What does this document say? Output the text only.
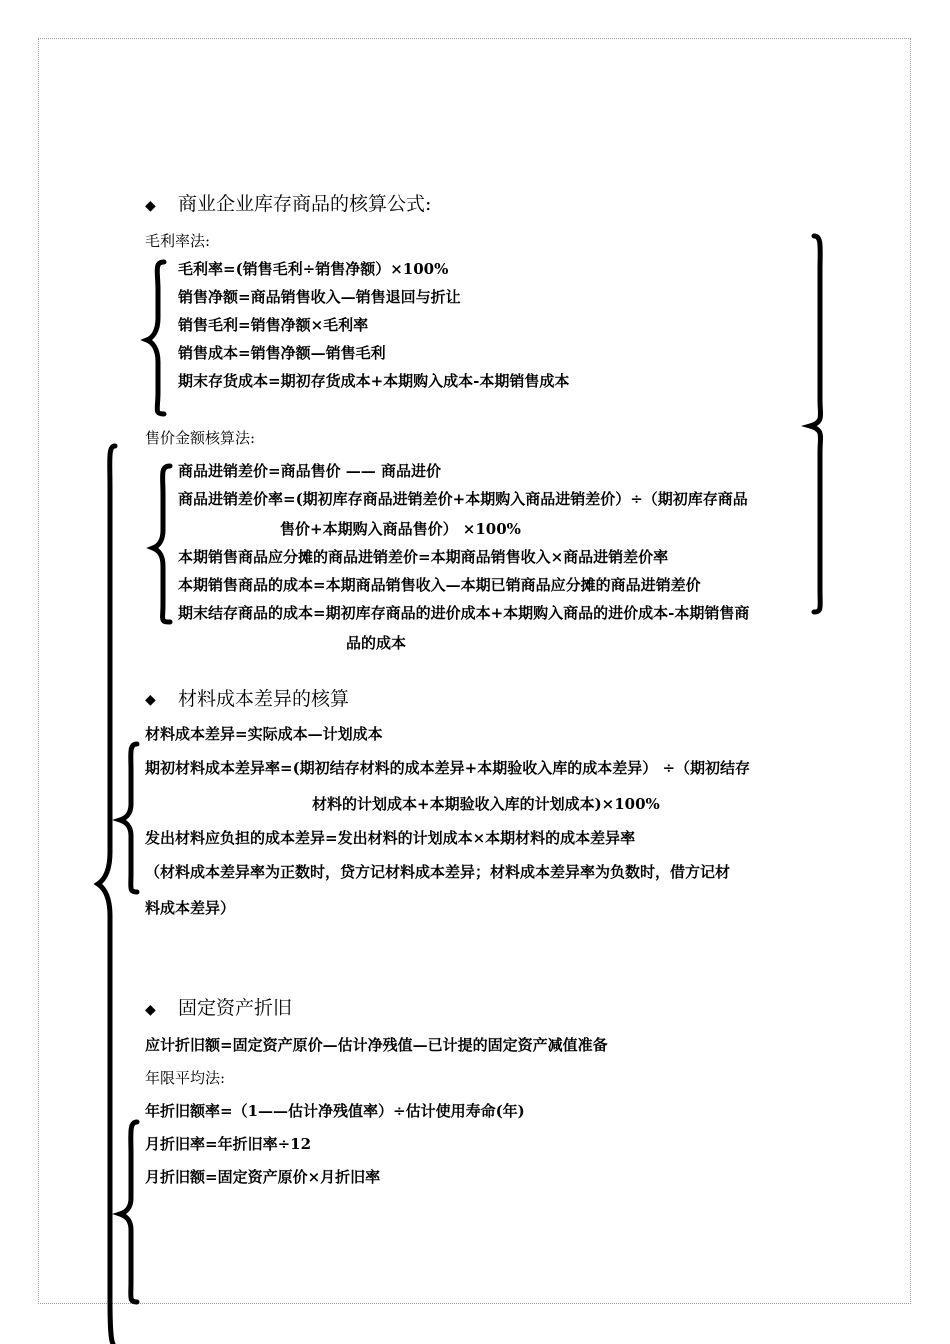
◆ 商业企业库存商品的核算公式:
毛利率法:
毛利率=(销售毛利÷销售净额）×100%
销售净额=商品销售收入—销售退回与折让
销售毛利=销售净额×毛利率
销售成本=销售净额—销售毛利
期末存货成本=期初存货成本+本期购入成本-本期销售成本
售价金额核算法:
商品进销差价=商品售价 —— 商品进价
商品进销差价率=(期初库存商品进销差价+本期购入商品进销差价）÷（期初库存商品
售价+本期购入商品售价） ×100%
本期销售商品应分摊的商品进销差价=本期商品销售收入×商品进销差价率
本期销售商品的成本=本期商品销售收入—本期已销商品应分摊的商品进销差价
期末结存商品的成本=期初库存商品的进价成本+本期购入商品的进价成本-本期销售商
品的成本
◆ 材料成本差异的核算
材料成本差异=实际成本—计划成本
期初材料成本差异率=(期初结存材料的成本差异+本期验收入库的成本差异） ÷（期初结存
材料的计划成本+本期验收入库的计划成本)×100%
发出材料应负担的成本差异=发出材料的计划成本×本期材料的成本差异率
（材料成本差异率为正数时，贷方记材料成本差异；材料成本差异率为负数时，借方记材
料成本差异）
◆ 固定资产折旧
应计折旧额=固定资产原价—估计净残值—已计提的固定资产减值准备
年限平均法:
年折旧额率=（1——估计净残值率）÷估计使用寿命(年)
月折旧率=年折旧率÷12
月折旧额=固定资产原价×月折旧率
